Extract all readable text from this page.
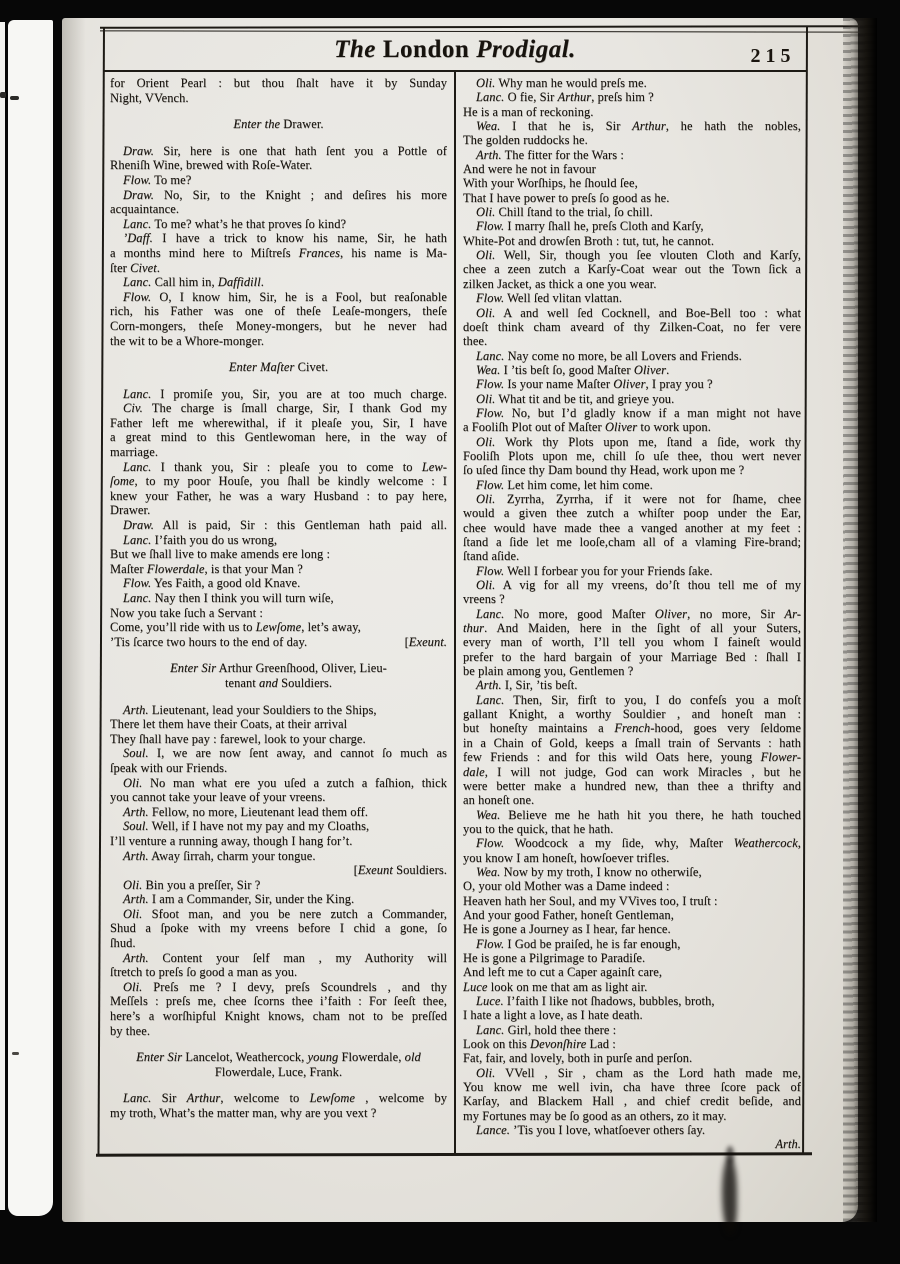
The London Prodigal.	215
for Orient Pearl : but thou ſhalt have it by Sunday
Night, VVench.
Enter the Drawer.
Draw. Sir, here is one that hath ſent you a Pottle of
Rheniſh Wine, brewed with Roſe-Water.
Flow. To me?
Draw. No, Sir, to the Knight ; and deſires his more
acquaintance.
Lanc. To me? what’s he that proves ſo kind?
’Daff. I have a trick to know his name, Sir, he hath
a months mind here to Miſtreſs Frances, his name is Ma-
ſter Civet.
Lanc. Call him in, Daffidill.
Flow. O, I know him, Sir, he is a Fool, but reaſonable
rich, his Father was one of theſe Leaſe-mongers, theſe
Corn-mongers, theſe Money-mongers, but he never had
the wit to be a Whore-monger.
Enter Maſter Civet.
Lanc. I promiſe you, Sir, you are at too much charge.
Civ. The charge is ſmall charge, Sir, I thank God my
Father left me wherewithal, if it pleaſe you, Sir, I have
a great mind to this Gentlewoman here, in the way of
marriage.
Lanc. I thank you, Sir : pleaſe you to come to Lew-
ſome, to my poor Houſe, you ſhall be kindly welcome : I
knew your Father, he was a wary Husband : to pay here,
Drawer.
Draw. All is paid, Sir : this Gentleman hath paid all.
Lanc. I’faith you do us wrong,
But we ſhall live to make amends ere long :
Maſter Flowerdale, is that your Man ?
Flow. Yes Faith, a good old Knave.
Lanc. Nay then I think you will turn wiſe,
Now you take ſuch a Servant :
Come, you’ll ride with us to Lewſome, let’s away,
’Tis ſcarce two hours to the end of day.	[Exeunt.
Enter Sir Arthur Greenſhood, Oliver, Lieu-
tenant and Souldiers.
Arth. Lieutenant, lead your Souldiers to the Ships,
There let them have their Coats, at their arrival
They ſhall have pay : farewel, look to your charge.
Soul. I, we are now ſent away, and cannot ſo much as
ſpeak with our Friends.
Oli. No man what ere you uſed a zutch a faſhion, thick
you cannot take your leave of your vreens.
Arth. Fellow, no more, Lieutenant lead them off.
Soul. Well, if I have not my pay and my Cloaths,
I’ll venture a running away, though I hang for’t.
Arth. Away ſirrah, charm your tongue.
[Exeunt Souldiers.
Oli. Bin you a preſſer, Sir ?
Arth. I am a Commander, Sir, under the King.
Oli. Sfoot man, and you be nere zutch a Commander,
Shud a ſpoke with my vreens before I chid a gone, ſo
ſhud.
Arth. Content your ſelf man , my Authority will
ſtretch to preſs ſo good a man as you.
Oli. Preſs me ? I devy, preſs Scoundrels , and thy
Meſſels : preſs me, chee ſcorns thee i’faith : For ſeeſt thee,
here’s a worſhipful Knight knows, cham not to be preſſed
by thee.
Enter Sir Lancelot, Weathercock, young Flowerdale, old
Flowerdale, Luce, Frank.
Lanc. Sir Arthur, welcome to Lewſome , welcome by
my troth, What’s the matter man, why are you vext ?
Oli. Why man he would preſs me.
Lanc. O fie, Sir Arthur, preſs him ?
He is a man of reckoning.
Wea. I that he is, Sir Arthur, he hath the nobles,
The golden ruddocks he.
Arth. The fitter for the Wars :
And were he not in favour
With your Worſhips, he ſhould ſee,
That I have power to preſs ſo good as he.
Oli. Chill ſtand to the trial, ſo chill.
Flow. I marry ſhall he, preſs Cloth and Karſy,
White-Pot and drowſen Broth : tut, tut, he cannot.
Oli. Well, Sir, though you ſee vlouten Cloth and Karſy,
chee a zeen zutch a Karſy-Coat wear out the Town ſick a
zilken Jacket, as thick a one you wear.
Flow. Well ſed vlitan vlattan.
Oli. A and well ſed Cocknell, and Boe-Bell too : what
doeſt think cham aveard of thy Zilken-Coat, no fer vere
thee.
Lanc. Nay come no more, be all Lovers and Friends.
Wea. I ’tis beſt ſo, good Maſter Oliver.
Flow. Is your name Maſter Oliver, I pray you ?
Oli. What tit and be tit, and grieye you.
Flow. No, but I’d gladly know if a man might not have
a Fooliſh Plot out of Maſter Oliver to work upon.
Oli. Work thy Plots upon me, ſtand a ſide, work thy
Fooliſh Plots upon me, chill ſo uſe thee, thou wert never
ſo uſed ſince thy Dam bound thy Head, work upon me ?
Flow. Let him come, let him come.
Oli. Zyrrha, Zyrrha, if it were not for ſhame, chee
would a given thee zutch a whiſter poop under the Ear,
chee would have made thee a vanged another at my feet :
ſtand a ſide let me looſe,cham all of a vlaming Fire-brand;
ſtand aſide.
Flow. Well I forbear you for your Friends ſake.
Oli. A vig for all my vreens, do’ſt thou tell me of my
vreens ?
Lanc. No more, good Maſter Oliver, no more, Sir Ar-
thur. And Maiden, here in the ſight of all your Suters,
every man of worth, I’ll tell you whom I faineſt would
prefer to the hard bargain of your Marriage Bed : ſhall I
be plain among you, Gentlemen ?
Arth. I, Sir, ’tis beſt.
Lanc. Then, Sir, firſt to you, I do confeſs you a moſt
gallant Knight, a worthy Souldier , and honeſt man :
but honeſty maintains a French-hood, goes very ſeldome
in a Chain of Gold, keeps a ſmall train of Servants : hath
few Friends : and for this wild Oats here, young Flower-
dale, I will not judge, God can work Miracles , but he
were better make a hundred new, than thee a thrifty and
an honeſt one.
Wea. Believe me he hath hit you there, he hath touched
you to the quick, that he hath.
Flow. Woodcock a my ſide, why, Maſter Weathercock,
you know I am honeſt, howſoever trifles.
Wea. Now by my troth, I know no otherwiſe,
O, your old Mother was a Dame indeed :
Heaven hath her Soul, and my VVives too, I truſt :
And your good Father, honeſt Gentleman,
He is gone a Journey as I hear, far hence.
Flow. I God be praiſed, he is far enough,
He is gone a Pilgrimage to Paradiſe.
And left me to cut a Caper againſt care,
Luce look on me that am as light air.
Luce. I’faith I like not ſhadows, bubbles, broth,
I hate a light a love, as I hate death.
Lanc. Girl, hold thee there :
Look on this Devonſhire Lad :
Fat, fair, and lovely, both in purſe and perſon.
Oli. VVell , Sir , cham as the Lord hath made me,
You know me well ivin, cha have three ſcore pack of
Karſay, and Blackem Hall , and chief credit beſide, and
my Fortunes may be ſo good as an others, zo it may.
Lance. ’Tis you I love, whatſoever others ſay.
Arth.
